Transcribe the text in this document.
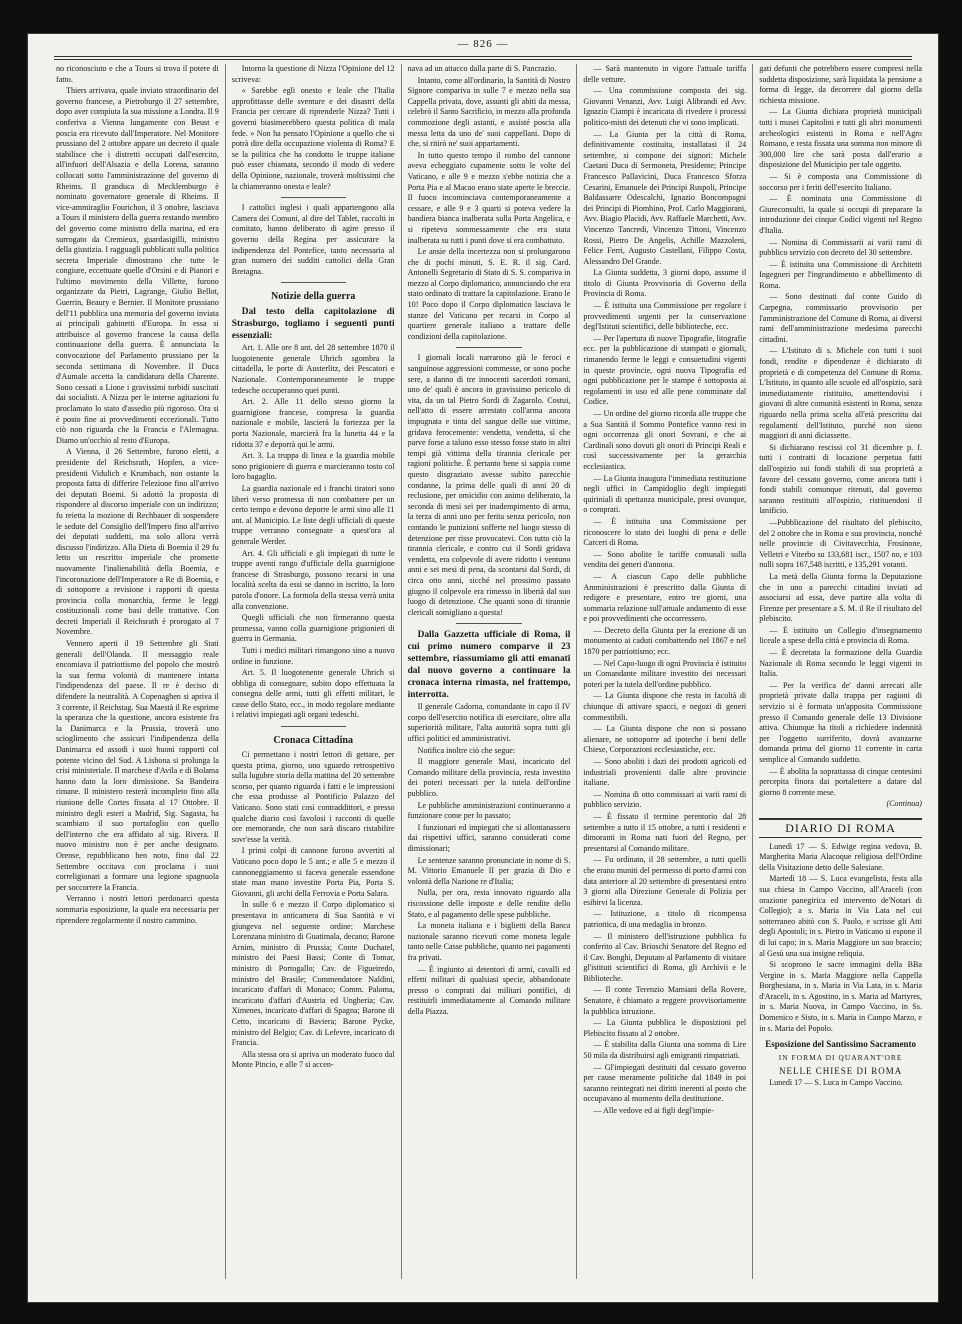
— 826 —

no riconosciuto e che a Tours si trova il potere di fatto.

Thiers arrivava, quale inviato straordinario del governo francese, a Pietroburgo il 27 settembre, dopo aver compiuta la sua missione a Londra. Il 9 conferiva a Vienna lungamente con Beust e poscia era ricevuto dall'Imperatore. Nel Monitore prussiano del 2 ottobre appare un decreto il quale stabilisce che i distretti occupati dall'esercito, all'infuori dell'Alsazia e della Lorena, saranno collocati sotto l'amministrazione del governo di Rheims. Il granduca di Mecklemburgo è nominato governatore generale di Rheims. Il vice-ammiraglio Fourichon, il 3 ottobre, lasciava a Tours il ministero della guerra restando membro del governo come ministro della marina, ed era surrogato da Cremieux, guardasigilli, ministro della giustizia. I ragguagli pubblicati sulla politica secreta Imperiale dimostrano che tutte le congiure, eccettuate quelle d'Orsini e di Pianori e l'ultimo movimento della Villette, furono organizzate da Pietri, Lagrange, Giulio Bellot, Guerrin, Beaury e Bernier. Il Monitore prussiano dell'11 pubblica una memoria del governo inviata ai principali gabinetti d'Europa. In essa si attribuisce al governo francese la causa della continuazione della guerra. È annunciata la convocazione del Parlamento prussiano per la seconda settimana di Novembre. Il Duca d'Aumale accetta la candidatura della Charente. Sono cessati a Lione i gravissimi torbidi suscitati dai socialisti. A Nizza per le interne agitazioni fu proclamato lo stato d'assedio più rigoroso. Ora si è posto fine ai provvedimenti eccezionali. Tutto ciò non riguarda che la Francia e l'Alemagna. Diamo un'occhio al resto d'Europa.

A Vienna, il 26 Settembre, furono eletti, a presidente del Reichsrath, Hopfen, a vice-presidenti Vidulich e Krumbach, non ostante la proposta fatta di differire l'elezione fino all'arrivo dei deputati Boemi. Si adottò la proposta di rispondere al discorso imperiale con un indirizzo; fu reietta la mozione di Rechbauer di sospendere le sedute del Consiglio dell'Impero fino all'arrivo dei deputati suddetti, ma solo allora verrà discusso l'indirizzo. Alla Dieta di Boemia il 29 fu letto un rescritto imperiale che promette nuovamente l'inalienabilità della Boemia, e l'incoronazione dell'Imperatore a Re di Boemia, e di sottoporre a revisione i rapporti di questa provincia colla monarchia, ferme le leggi costituzionali come basi delle trattative. Con decreti Imperiali il Reichsrath è prorogato al 7 Novembre.

Vennero aperti il 19 Settembre gli Stati generali dell'Olanda. Il messaggio reale encomiava il patriottismo del popolo che mostrò la sua ferma volontà di mantenere intatta l'indipendenza del paese. Il re è deciso di difendere la neutralità. A Copenaghen si apriva il 3 corrente, il Reichstag. Sua Maestà il Re esprime la speranza che la questione, ancora esistente fra la Danimarca e la Prussia, troverà uno scioglimento che assicuri l'indipendenza della Danimarca ed assodi i suoi buoni rapporti col potente vicino del Sud. A Lisbona si prolunga la crisi ministeriale. Il marchese d'Avila e di Bolama hanno dato la loro dimissione. Sa Bandeira rimane. Il ministero resterà incompleto fino alla riunione delle Cortes fissata al 17 Ottobre. Il ministro degli esteri a Madrid, Sig. Sagasta, ha scambiato il suo portafoglio con quello dell'interno che era affidato al sig. Rivera. Il nuovo ministro non è per anche designato. Orense, repubblicano ben noto, fino dal 22 Settembre occitava con proclama i suoi correligionari a formare una legione spagnuola per soccorrere la Francia.

Verranno i nostri lettori perdonarci questa sommaria esposizione, la quale era necessaria per riprendere regolarmente il nostro cammino.

Intorno la questione di Nizza l'Opinione del 12 scriveva:

« Sarebbe egli onesto e leale che l'Italia approfittasse delle sventure e dei disastri della Francia per cercare di riprenderle Nizza? Tutti i governi biasimerebbero questa politica di mala fede. » Non ha pensato l'Opinione a quello che si potrà dire della occupazione violenta di Roma? E se la politica che ha condotto le truppe italiane può esser chiamata, secondo il modo di vedere della Opinione, nazionale, troverà moltissimi che la chiameranno onesta e leale?

I cattolici inglesi i quali appartengono alla Camera dei Comuni, al dire del Tablet, raccolti in comitato, hanno deliberato di agire presso il governo della Regina per assicurare la indipendenza del Pontefice, tanto necessaria al gran numero dei sudditi cattolici della Gran Bretagna.

Notizie della guerra

Dal testo della capitolazione di Strasburgo, togliamo i seguenti punti essenziali:

Art. 1. Alle ore 8 ant. del 28 settembre 1870 il luogotenente generale Uhrich sgombra la cittadella, le porte di Austerlitz, dei Pescatori e Nazionale. Contemporaneamente le truppe tedesche occuperanno quei punti.

Art. 2. Alle 11 dello stesso giorno la guarnigione francese, compresa la guardia nazionale e mobile, lascierà la fortezza per la porta Nazionale, marcierà fra la lunetta 44 e la ridotta 37 e deporrà qui le armi.

Art. 3. La truppa di linea e la guardia mobile sono prigioniere di guerra e marcieranno tosto col loro bagaglio.

La guardia nazionale ed i franchi tiratori sono liberi verso promessa di non combattere per un certo tempo e devono deporre le armi sino alle 11 ant. al Municipio. Le liste degli ufficiali di queste truppe verranno consegnate a quest'ora al generale Werder.

Art. 4. Gli ufficiali e gli impiegati di tutte le truppe aventi rango d'ufficiale della guarnigione francese di Strasburgo, possono recarsi in una località scelta da essi se danno in iscritto, la loro parola d'onore. La formola della stessa verrà unita alla convenzione.

Quegli ufficiali che non firmeranno questa promessa, vanno colla guarnigione prigionieri di guerra in Germania.

Tutti i medici militari rimangono sino a nuovo ordine in funzione.

Art. 5. Il luogotenente generale Uhrich si obbliga di consegnare, subito dopo effettuata la consegna delle armi, tutti gli effetti militari, le casse dello Stato, ecc., in modo regolare mediante i relativi impiegati agli organi tedeschi.

Cronaca Cittadina

Ci permettano i nostri lettori di gettare, per questa prima, giorno, uno sguardo retrospettivo sulla lugubre storia della mattina del 20 settembre scorso, per quanto riguarda i fatti e le impressioni che essa produsse al Pontificio Palazzo del Vaticano. Sono stati così contraddittori, e presso qualche diario così favolosi i racconti di quelle ore memorande, che non sarà discaro ristabilire sovr'esse la verità.

I primi colpi di cannone furono avvertiti al Vaticano poco dopo le 5 ant.; e alle 5 e mezzo il cannoneggiamento si faceva generale essendone state man mano investite Porta Pia, Porta S. Giovanni, gli archi della Ferrovia e Porta Salara.

In sulle 6 e mezzo il Corpo diplomatico si presentava in anticamera di Sua Santità e vi giungeva nel seguente ordine: Marchese Lorenzana ministro di Guatimala, decano; Barone Arnim, ministro di Prussia; Conte Duchatel, ministro dei Paesi Bassi; Conte di Tomar, ministro di Portogallo; Cav. de Figueiredo, ministro del Brasile; Commendatore Naldini, incaricato d'affari di Monaco; Comm. Paloma, incaricato d'affari d'Austria ed Ungheria; Cav. Ximenes, incaricato d'affari di Spagna; Barone di Cetto, incaricato di Baviera; Barone Pycke, ministro del Belgio; Cav. di Lefevre, incaricato di Francia.

Alla stessa ora si apriva un moderato fuoco dal Monte Pincio, e alle 7 si accen-

nava ad un attacco dalla parte di S. Pancrazio.

Intanto, come all'ordinario, la Santità di Nostro Signore compariva in sulle 7 e mezzo nella sua Cappella privata, dove, assunti gli abiti da messa, celebrò il Santo Sacrificio, in mezzo alla profonda commozione degli astanti, e assisté poscia alla messa letta da uno de' suoi cappellani. Dopo di che, si ritirò ne' suoi appartamenti.

In tutto questo tempo il rombo del cannone aveva echeggiato cupamente sotto le volte del Vaticano, e alle 9 e mezzo s'ebbe notizia che a Porta Pia e al Macao erano state aperte le breccie. Il fuoco incominciava contemporaneamente a cessare, e alle 9 e 3 quarti si poteva vedere la bandiera bianca inalberata sulla Porta Angelica, e si ripeteva sommessamente che era stata inalberata su tutti i punti dove si era combattuto.

Le ansie della incertezza non si prolungarono che di pochi minuti, S. E. R. il sig. Card. Antonelli Segretario di Stato di S. S. compariva in mezzo al Corpo diplomatico, annunciando che era stato ordinato di trattare la capitolazione. Erano le 10! Poco dopo il Corpo diplomatico lasciava le stanze del Vaticano per recarsi in Corpo al quartiere generale italiano a trattare delle condizioni della capitolazione.

I giornali locali narrarono già le feroci e sanguinose aggressioni commesse, or sono poche sere, a danno di tre innocenti sacerdoti romani, uno de' quali è ancora in gravissimo pericolo di vita, da un tal Pietro Sordi di Zagarolo. Costui, nell'atto di essere arrestato coll'arma ancora impugnata e tinta del sangue delle sue vittime, gridava ferocemente: vendetta, vendetta, sì che parve forse a taluno esso stesso fosse stato in altri tempi già vittima della tirannia clericale per ragioni politiche. È pertanto bene si sappia come questo disgraziato avesse subìto parecchie condanne, la prima delle quali di anni 20 di reclusione, per omicidio con animo deliberato, la seconda di mesi sei per inadempimento di arma, la terza di anni uno per ferita senza pericolo, non contando le punizioni sofferte nel luogo stesso di detenzione per risse provocatevi. Con tutto ciò la tirannia clericale, e contro cui il Sordi gridava vendetta, era colpevole di avere ridotto i ventuno anni e sei mesi di pena, da scontarsi dal Sordi, di circa otto anni, sicché nel prossimo passato giugno il colpevole era rimesso in libertà dal suo luogo di detenzione. Che quanti sono di tirannie clericali somigliano a questa!

Dalla Gazzetta ufficiale di Roma, il cui primo numero comparve il 23 settembre, riassumiamo gli atti emanati dal nuovo governo a continuare la cronaca interna rimasta, nel frattempo, interrotta.

Il generale Cadorna, comandante in capo il IV corpo dell'esercito notifica di esercitare, oltre alla superiorità militare, l'alta autorità sopra tutti gli uffici politici ed amministrativi.

Notifica inoltre ciò che segue:

Il maggiore generale Masi, incaricato del Comando militare della provincia, resta investito dei poteri necessari per la tutela dell'ordine pubblico.

Le pubbliche amministrazioni continueranno a funzionare come per lo passato;

I funzionari ed impiegati che si allontanassero dai rispettivi uffici, saranno considerati come dimissionari;

Le sentenze saranno pronunciate in nome di S. M. Vittorio Emanuele II per grazia di Dio e volontà della Nazione re d'Italia;

Nulla, per ora, resta innovato riguardo alla riscossione delle imposte e delle rendite dello Stato, e al pagamento delle spese pubbliche.

La moneta italiana e i biglietti della Banca nazionale saranno ricevuti come moneta legale tanto nelle Casse pubbliche, quanto nei pagamenti fra privati.

— È ingiunto ai detentori di armi, cavalli ed effetti militari di qualsiasi specie, abbandonate presso o comprati dai militari pontifici, di restituirli immediatamente al Comando militare della Piazza.

— Sarà mantenuto in vigore l'attuale tariffa delle vetture.

— Una commissione composta dei sig. Giovanni Venanzi, Avv. Luigi Alibrandi ed Avv. Ignazio Ciampi è incaricata di rivedere i processi politico-misti dei detenuti che vi sono implicati.

— La Giunta per la città di Roma, definitivamente costituita, installatasi il 24 settembre, si compone dei signori: Michele Caetani Duca di Sermoneta, Presidente; Principe Francesco Pallavicini, Duca Francesco Sforza Cesarini, Emanuele dei Principi Ruspoli, Principe Baldassarre Odescalchi, Ignazio Boncompagni dei Principi di Piombino, Prof. Carlo Maggiorani, Avv. Biagio Placidi, Avv. Raffaele Marchetti, Avv. Vincenzo Tancredi, Vincenzo Tittoni, Vincenzo Rossi, Pietro De Angelis, Achille Mazzoleni, Felice Ferri, Augusto Castellani, Filippo Costa, Alessandro Del Grande.

La Giunta suddetta, 3 giorni dopo, assume il titolo di Giunta Provvisoria di Governo della Provincia di Roma.

— È istituita una Commissione per regolare i provvedimenti urgenti per la conservazione degl'Istituti scientifici, delle biblioteche, ecc.

— Per l'apertura di nuove Tipografie, litografie ecc. per la pubblicazione di stampati o giornali, rimanendo ferme le leggi e consuetudini vigenti in queste provincie, ogni nuova Tipografia ed ogni pubblicazione per le stampe è sottoposta ai regolamenti in uso ed alle pene comminate dal Codice.

— Un ordine del giorno ricorda alle truppe che a Sua Santità il Sommo Pontefice vanno resi in ogni occorrenza gli onori Sovrani, e che ai Cardinali sono dovuti gli onori di Principi Reali e così successivamente per la gerarchia ecclesiastica.

— La Giunta inaugura l'immediata restituzione negli uffici in Campidoglio degli impiegati quiriniali di spettanza municipale, presi ovunque, o comprati.

— È istituita una Commissione per riconoscere lo stato dei luoghi di pena e delle Carceri di Roma.

— Sono abolite le tariffe comunali sulla vendita dei generi d'annona.

— A ciascun Capo delle pubbliche Amministrazioni è prescritto dalla Giunta di redigere e presentare, entro tre giorni, una sommaria relazione sull'attuale andamento di esse e poi provvedimenti che occorressero.

— Decreto della Giunta per la erezione di un monumento ai caduti combattendo nel 1867 e nel 1870 per patriottismo; ecc.

— Nel Capo-luogo di ogni Provincia è istituito un Comandante militare investito dei necessari poteri per la tutela dell'ordine pubblico.

— La Giunta dispone che resta in facoltà di chiunque di attivare spacci, e negozi di generi commestibili.

— La Giunta dispone che non si possano alienare, ne sottoporre ad ipoteche i beni delle Chiese, Corporazioni ecclesiastiche, ecc.

— Sono aboliti i dazi dei prodotti agricoli ed industriali provenienti dalle altre provincie italiane.

— Nomina di otto commissari ai varii rami di pubblico servizio.

— È fissato il termine perentorio dal 28 settembre a tutto il 15 ottobre, a tutti i residenti e dimoranti in Roma nati fuori del Regno, per presentarsi al Comando militare.

— Fu ordinato, il 28 settembre, a tutti quelli che erano muniti del permesso di porto d'armi con data anteriore al 20 settembre di presentarsi entro 3 giorni alla Direzione Generale di Polizia per esibirvi la licenza.

— Istituzione, a titolo di ricompensa patriottica, di una medaglia in bronzo.

— Il ministero dell'istruzione pubblica fu conferito al Cav. Brioschi Senatore del Regno ed il Cav. Bonghi, Deputato al Parlamento di visitare gl'istituti scientifici di Roma, gli Archivii e le Biblioteche.

— Il conte Terenzio Mamiani della Rovere, Senatore, è chiamato a reggere provvisoriamente la pubblica istruzione.

— La Giunta pubblica le disposizioni pel Plebiscito fissato al 2 ottobre.

— È stabilita dalla Giunta una somma di Lire 50 mila da distribuirsi agli emigranti rimpatriati.

— Gl'impiegati destituiti dal cessato governo per cause meramente politiche dal 1849 in poi saranno reintegrati nei diritti inerenti al posto che occupavano al momento della destituzione.

— Alle vedove ed ai figli degl'impie-

gati defunti che potrebbero essere compresi nella suddetta disposizione, sarà liquidata la pensione a forma di legge, da decorrere dal giorno della richiesta missione.

— La Giunta dichiara proprietà municipali tutti i musei Capitolini e tutti gli altri monumenti archeologici esistenti in Roma e nell'Agro Romano, e resta fissata una somma non minore di 300,000 lire che sarà posta dall'erario a disposizione del Municipio per tale oggetto.

— Si è composta una Commissione di soccorso per i feriti dell'esercito Italiano.

— È nominata una Commissione di Giureconsulti, la quale si occupi di preparare la introduzione dei cinque Codici vigenti nel Regno d'Italia.

— Nomina di Commissarii ai varii rami di pubblico servizio con decreto del 30 settembre.

— È istituita una Commissione di Architetti Ingegneri per l'ingrandimento e abbellimento di Roma.

— Sono destinati dal conte Guido di Carpegna, commissario provvisorio per l'amministrazione del Comune di Roma, ai diversi rami dell'amministrazione medesima parecchi cittadini.

— L'Istituto di s. Michele con tutti i suoi fondi, rendite e dipendenze è dichiarato di proprietà e di competenza del Comune di Roma. L'Istituto, in quanto alle scuole ed all'ospizio, sarà immediatamente ristituito, amettendovisi i giovani di altre comunità esistenti in Roma, senza riguardo nella prima scelta all'età prescritta dai regolamenti dell'Istituto, purché non sieno maggiori di anni diciassette.

Si dichiarano rescissi col 31 dicembre p. f. tutti i contratti di locazione perpetua fatti dall'ospizio sui fondi stabili di sua proprietà a favore del cessato governo, come ancora tutti i fondi stabili comunque ritenuti, dal governo saranno restituiti all'ospizio, ristituendosi il lanificio.

—Pubblicazione del risultato del plebiscito, del 2 ottobre che in Roma e sua provincia, nonché nelle provincie di Civitavecchia, Frosinone, Velletri e Viterbo su 133,681 iscr., 1507 no, e 103 nulli sopra 167,548 iscritti, e 135,291 votanti.

La metà della Giunta forma la Deputazione che in uno a parecchi cittadini inviati ad associarsi ad essa, deve partire alla volta di Firenze per presentare a S. M. il Re il risultato del plebiscito.

— È istituito un Collegio d'insegnamento liceale a spese della città e provincia di Roma.

— È decretata la formazione della Guardia Nazionale di Roma secondo le leggi vigenti in Italia.

— Per la verifica de' danni arrecati alle proprietà private dalla truppa per ragioni di servizio si è formata un'apposita Commissione presso il Comando generale delle 13 Divisione attiva. Chiunque ha titoli a richiedere indennità per l'oggetto surriferito, dovrà avanzarne domanda prima del giorno 11 corrente in carta semplice al Comando suddetto.

— È abolita la soprattassa di cinque centesimi percepita finora dai portalettere a datare dal giorno 8 corrente mese.

(Continua)

DIARIO DI ROMA

Lunedì 17 — S. Edwige regina vedova, B. Margherita Maria Alacoque religiosa dell'Ordine della Visitazione detto delle Salesiane.

Martedì 18 — S. Luca evangelista, festa alla sua chiesa in Campo Vaccino, all'Araceli (con orazione panegirica ed intervento de'Notari di Collegio); a s. Maria in Via Lata nel cui sotterraneo abitò con S. Paolo, e scrisse gli Atti degli Apostoli; in s. Pietro in Vaticano si espone il di lui capo; in s. Maria Maggiore un suo braccio; al Gesù una sua insigne reliquia.

Si scoprono le sacre immagini della BBa Vergine in s. Maria Maggiore nella Cappella Borghesiana, in s. Maria in Via Lata, in s. Maria d'Araceli, in s. Agostino, in s. Maria ad Martyres, in s. Maria Nuova, in Campo Vaccino, in Ss. Domenico e Sisto, in s. Maria in Campo Marzo, e in s. Maria del Popolo.

Esposizione del Santissimo Sacramento
IN FORMA DI QUARANT'ORE
NELLE CHIESE DI ROMA

Lunedì 17 — S. Luca in Campo Vaccino.
